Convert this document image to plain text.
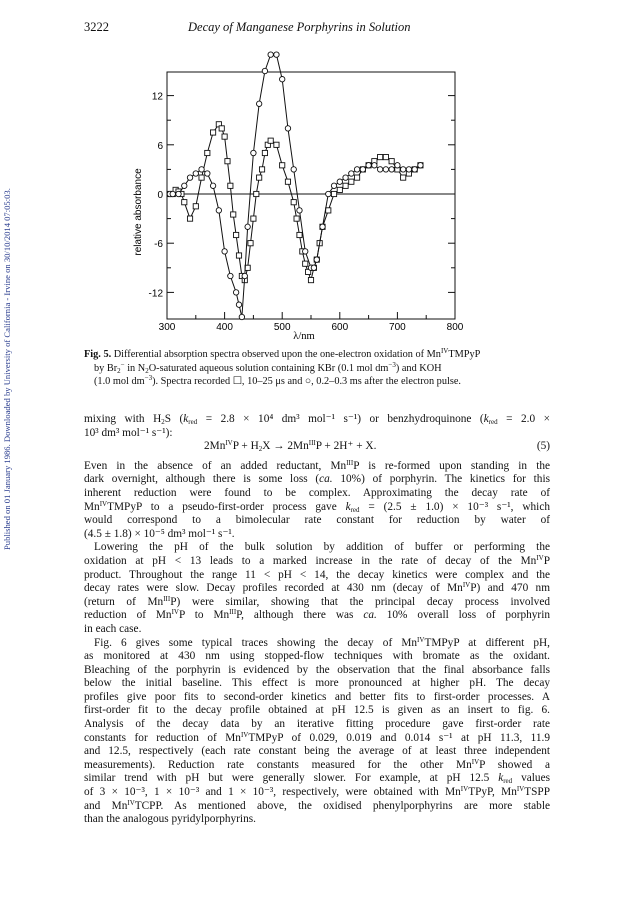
Published on 01 January 1986. Downloaded by University of California - Irvine on 30/10/2014 07:05:03.
3222	Decay of Manganese Porphyrins in Solution
12
6
0
-6
-12
300	400	500	600	700	800
relative absorbance
λ/nm
Fig. 5. Differential absorption spectra observed upon the one-electron oxidation of $Mn^{IV}TMPyP$
by $Br_2^-$ in $N_2O$-saturated aqueous solution containing KBr (0.1 mol $dm^{-3}$) and KOH
(1.0 mol $dm^{-3}$). Spectra recorded ☐, 10–25 μs and ○, 0.2–0.3 ms after the electron pulse.
mixing with $H_2S$ ($k_{red} = 2.8 \times 10^4$ dm³ mol⁻¹ s⁻¹) or benzhydroquinone ($k_{red} = 2.0$ ×
10³ dm³ mol⁻¹ s⁻¹):
$2Mn^{IV}P + H_2X \to 2Mn^{III}P + 2H^+ + X$.	(5)
Even in the absence of an added reductant, $Mn^{III}P$ is re-formed upon standing in the
dark overnight, although there is some loss (ca. 10%) of porphyrin. The kinetics for this
inherent reduction were found to be complex. Approximating the decay rate of
$Mn^{IV}TMPyP$ to a pseudo-first-order process gave $k_{red} = (2.5 \pm 1.0) \times 10^{-3}$ s⁻¹, which
would correspond to a bimolecular rate constant for reduction by water of
(4.5 ± 1.8) × 10⁻⁵ dm³ mol⁻¹ s⁻¹.
Lowering the pH of the bulk solution by addition of buffer or performing the
oxidation at pH < 13 leads to a marked increase in the rate of decay of the $Mn^{IV}P$
product. Throughout the range 11 < pH < 14, the decay kinetics were complex and the
decay rates were slow. Decay profiles recorded at 430 nm (decay of $Mn^{IV}P$) and 470 nm
(return of $Mn^{III}P$) were similar, showing that the principal decay process involved
reduction of $Mn^{IV}P$ to $Mn^{III}P$, although there was ca. 10% overall loss of porphyrin
in each case.
Fig. 6 gives some typical traces showing the decay of $Mn^{IV}TMPyP$ at different pH,
as monitored at 430 nm using stopped-flow techniques with bromate as the oxidant.
Bleaching of the porphyrin is evidenced by the observation that the final absorbance falls
below the initial baseline. This effect is more pronounced at higher pH. The decay
profiles give poor fits to second-order kinetics and better fits to first-order processes. A
first-order fit to the decay profile obtained at pH 12.5 is given as an insert to fig. 6.
Analysis of the decay data by an iterative fitting procedure gave first-order rate
constants for reduction of $Mn^{IV}TMPyP$ of 0.029, 0.019 and 0.014 s⁻¹ at pH 11.3, 11.9
and 12.5, respectively (each rate constant being the average of at least three independent
measurements). Reduction rate constants measured for the other $Mn^{IV}P$ showed a
similar trend with pH but were generally slower. For example, at pH 12.5 $k_{red}$ values
of 3 × 10⁻³, 1 × 10⁻³ and 1 × 10⁻³, respectively, were obtained with $Mn^{IV}TPyP$, $Mn^{IV}TSPP$
and $Mn^{IV}TCPP$. As mentioned above, the oxidised phenylporphyrins are more stable
than the analogous pyridylporphyrins.
